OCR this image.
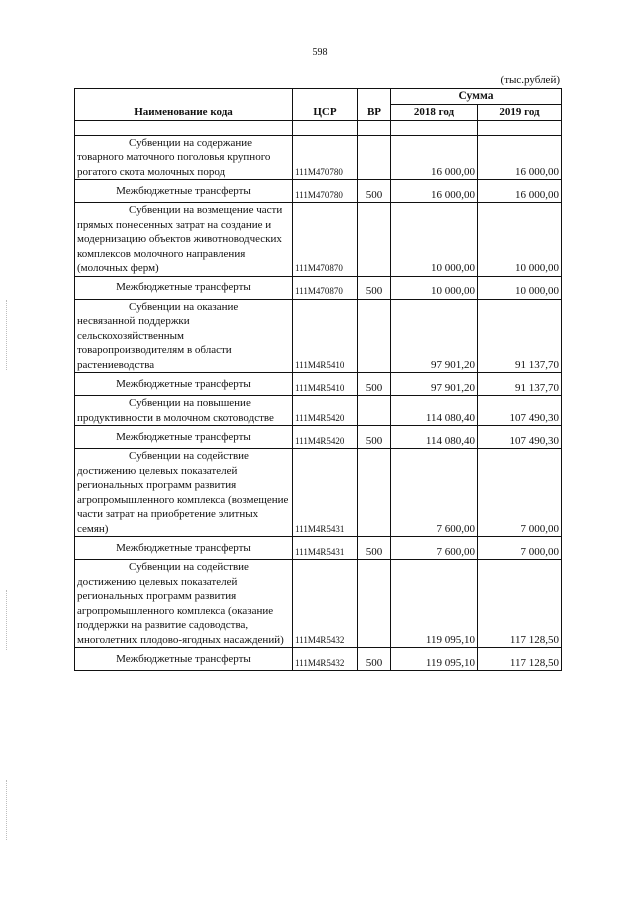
598
(тыс.рублей)
Наименование кода	ЦСР	ВР	Сумма	
			2018 год	2019 год

Субвенции на содержание товарного маточного поголовья крупного рогатого скота молочных пород	111М470780		16 000,00	16 000,00
Межбюджетные трансферты	111М470780	500	16 000,00	16 000,00
Субвенции на возмещение части прямых понесенных затрат на создание и модернизацию объектов животноводческих комплексов молочного направления (молочных ферм)	111М470870		10 000,00	10 000,00
Межбюджетные трансферты	111М470870	500	10 000,00	10 000,00
Субвенции на оказание несвязанной поддержки сельскохозяйственным товаропроизводителям в области растениеводства	111М4R5410		97 901,20	91 137,70
Межбюджетные трансферты	111М4R5410	500	97 901,20	91 137,70
Субвенции на повышение продуктивности в молочном скотоводстве	111М4R5420		114 080,40	107 490,30
Межбюджетные трансферты	111М4R5420	500	114 080,40	107 490,30
Субвенции на содействие достижению целевых показателей региональных программ развития агропромышленного комплекса (возмещение части затрат на приобретение элитных семян)	111М4R5431		7 600,00	7 000,00
Межбюджетные трансферты	111М4R5431	500	7 600,00	7 000,00
Субвенции на содействие достижению целевых показателей региональных программ развития агропромышленного комплекса (оказание поддержки на развитие садоводства, многолетних плодово-ягодных насаждений)	111М4R5432		119 095,10	117 128,50
Межбюджетные трансферты	111М4R5432	500	119 095,10	117 128,50
